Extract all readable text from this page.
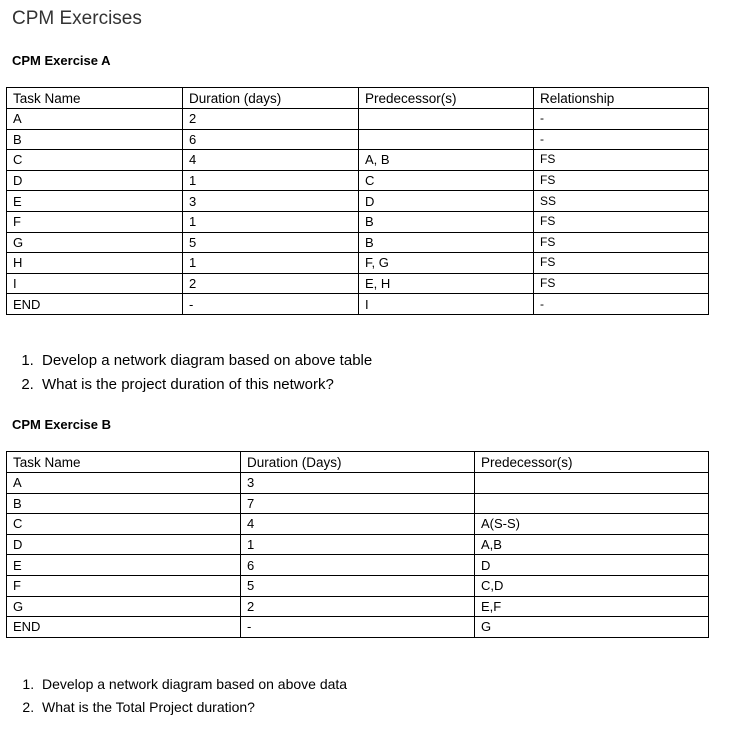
CPM Exercises
CPM Exercise A
Task Name	Duration (days)	Predecessor(s)	Relationship
A	2		-
B	6		-
C	4	A, B	FS
D	1	C	FS
E	3	D	SS
F	1	B	FS
G	5	B	FS
H	1	F, G	FS
I	2	E, H	FS
END	-	I	-
1. Develop a network diagram based on above table
2. What is the project duration of this network?
CPM Exercise B
Task Name	Duration (Days)	Predecessor(s)
A	3	
B	7	
C	4	A(S-S)
D	1	A,B
E	6	D
F	5	C,D
G	2	E,F
END	-	G
1. Develop a network diagram based on above data
2. What is the Total Project duration?
